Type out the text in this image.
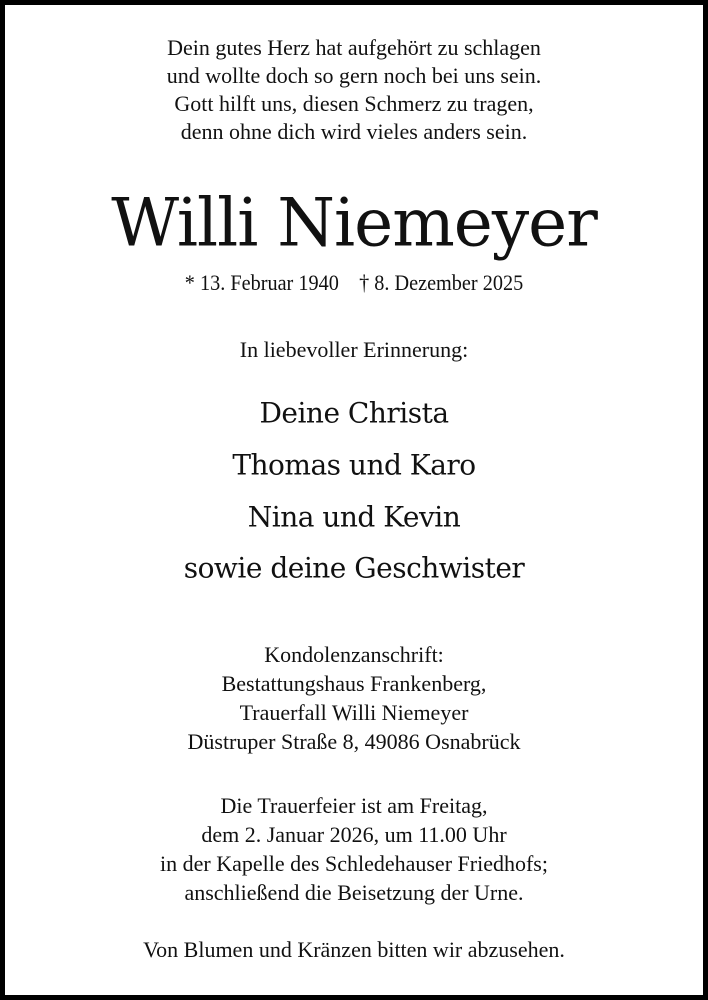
Dein gutes Herz hat aufgehört zu schlagen
und wollte doch so gern noch bei uns sein.
Gott hilft uns, diesen Schmerz zu tragen,
denn ohne dich wird vieles anders sein.
Willi Niemeyer
* 13. Februar 1940    † 8. Dezember 2025
In liebevoller Erinnerung:
Deine Christa
Thomas und Karo
Nina und Kevin
sowie deine Geschwister
Kondolenzanschrift:
Bestattungshaus Frankenberg,
Trauerfall Willi Niemeyer
Düstruper Straße 8, 49086 Osnabrück
Die Trauerfeier ist am Freitag,
dem 2. Januar 2026, um 11.00 Uhr
in der Kapelle des Schledehauser Friedhofs;
anschließend die Beisetzung der Urne.
Von Blumen und Kränzen bitten wir abzusehen.
